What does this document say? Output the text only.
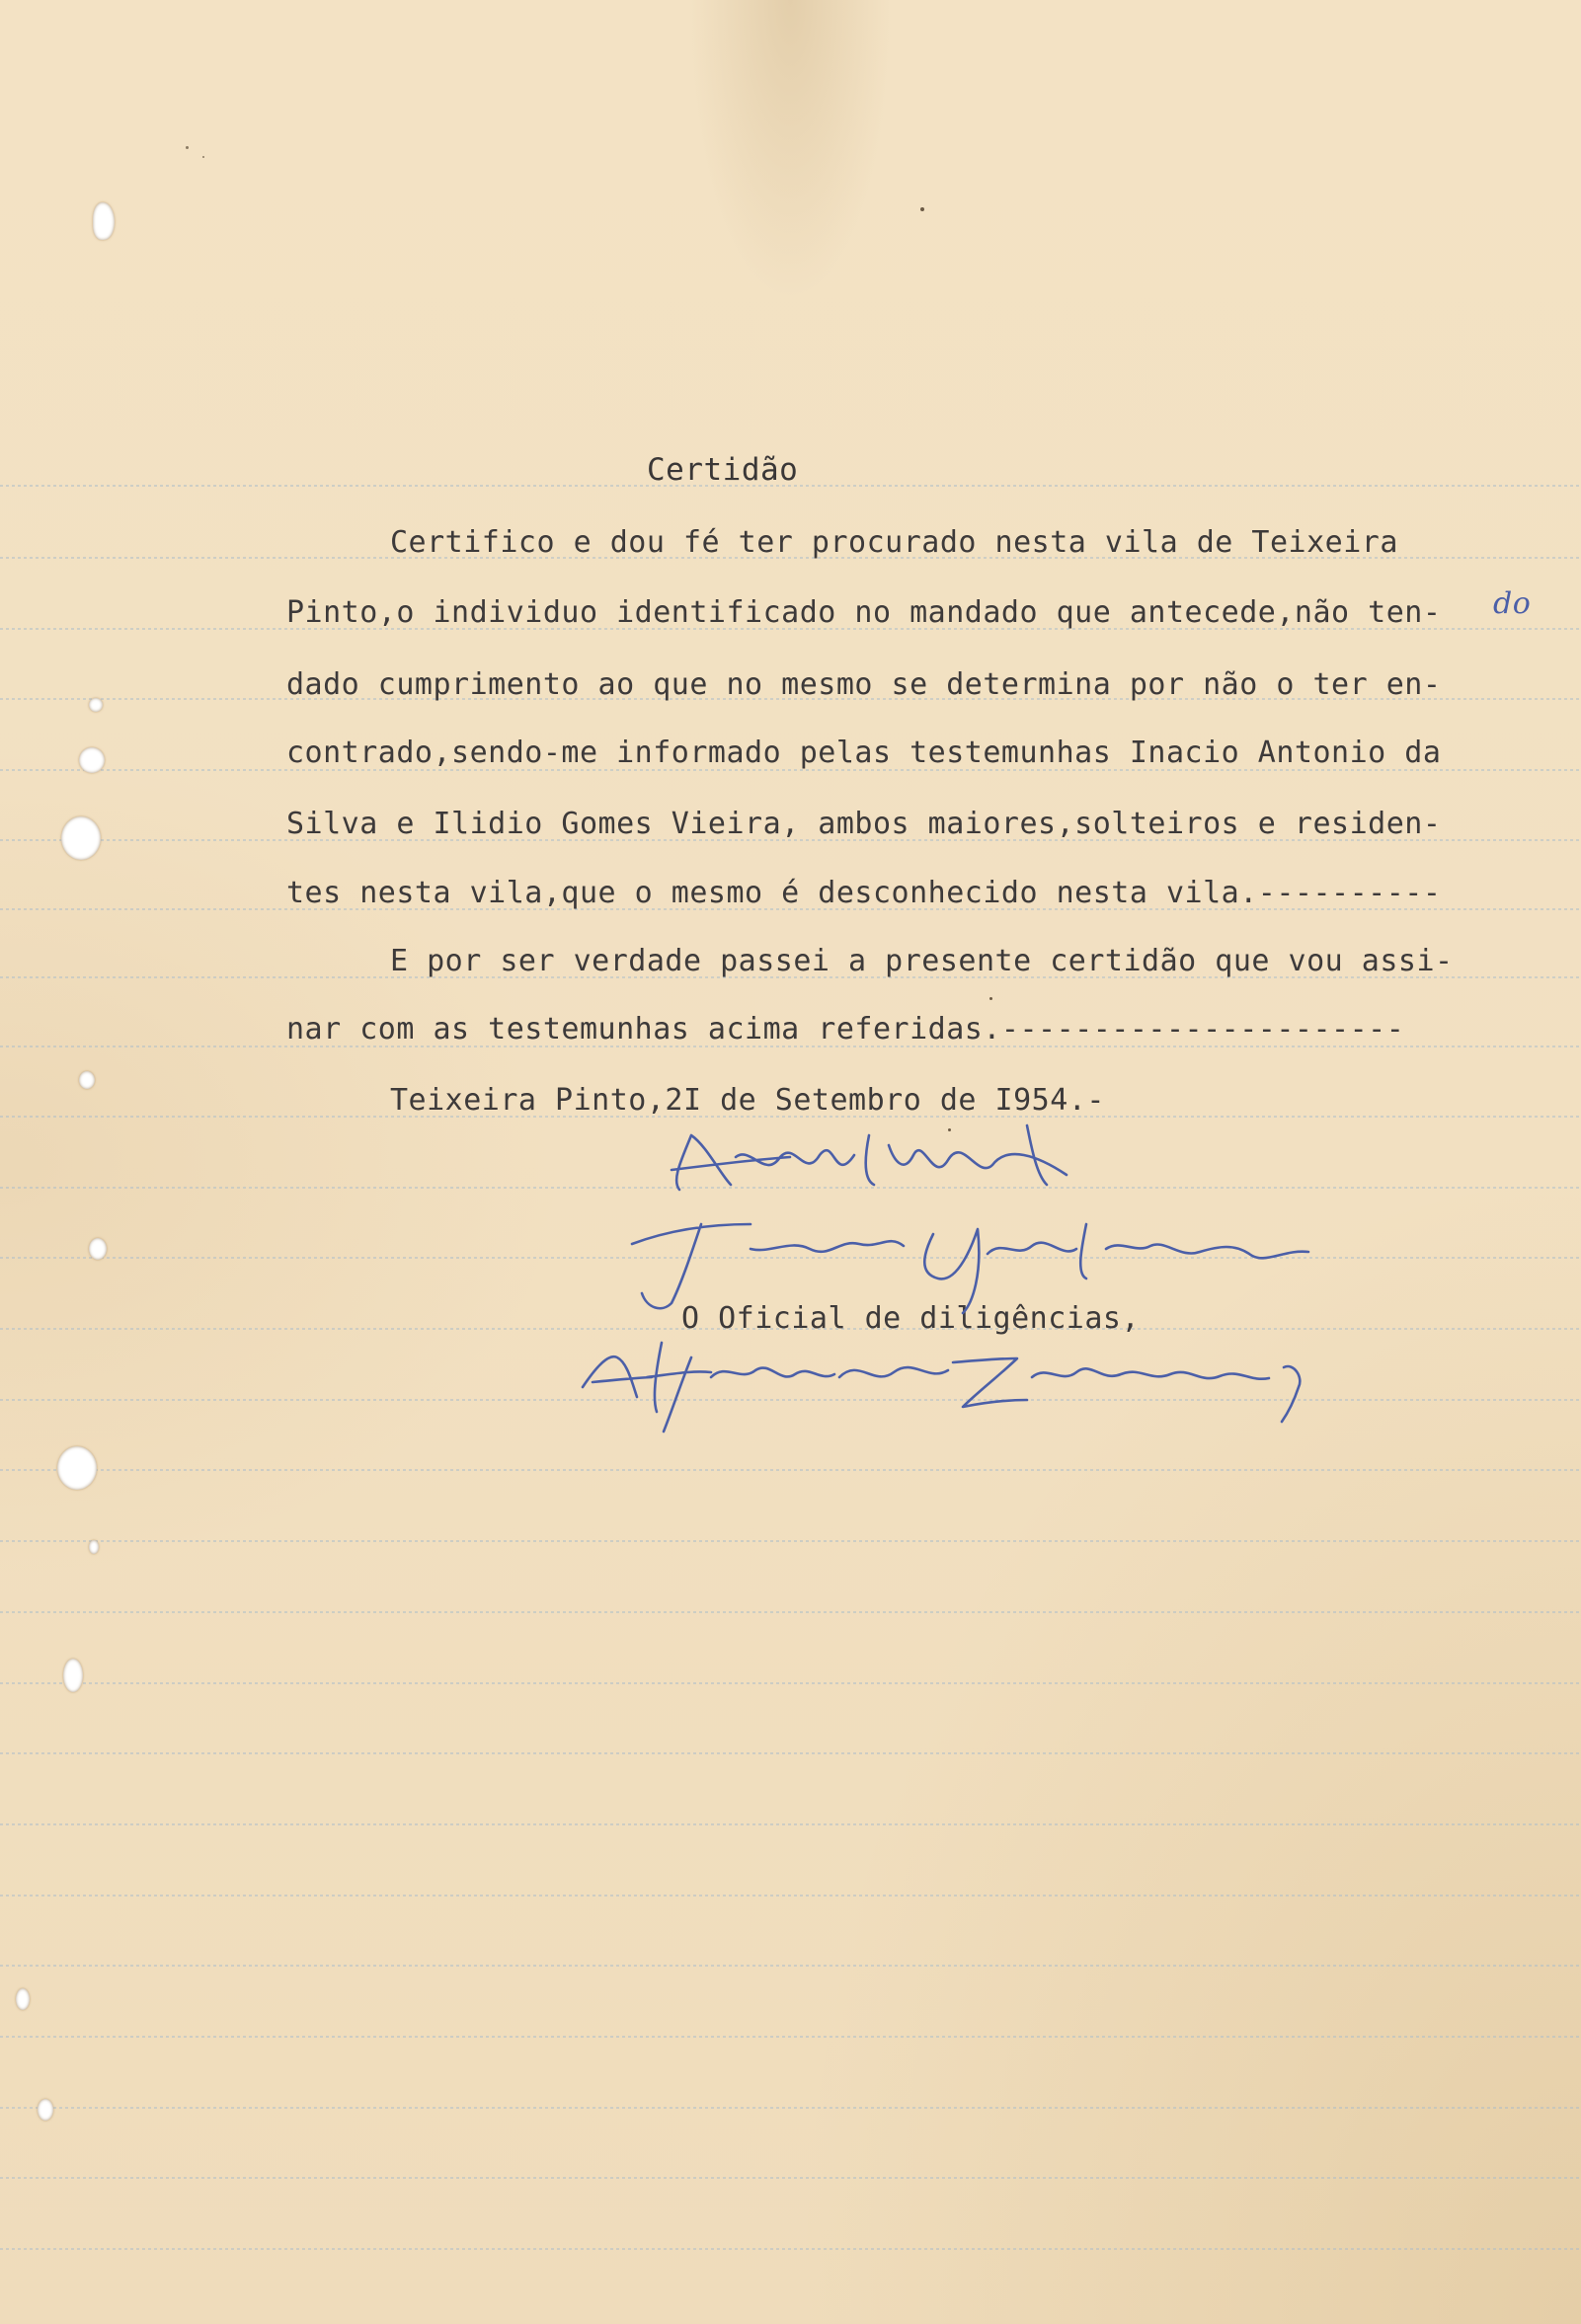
Certidão
Certifico e dou fé ter procurado nesta vila de Teixeira
Pinto,o individuo identificado no mandado que antecede,não ten-
dado cumprimento ao que no mesmo se determina por não o ter en-
contrado,sendo-me informado pelas testemunhas Inacio Antonio da
Silva e Ilidio Gomes Vieira, ambos maiores,solteiros e residen-
tes nesta vila,que o mesmo é desconhecido nesta vila.----------
E por ser verdade passei a presente certidão que vou assi-
nar com as testemunhas acima referidas.----------------------
Teixeira Pinto,2I de Setembro de I954.-
do
O Oficial de diligências,
